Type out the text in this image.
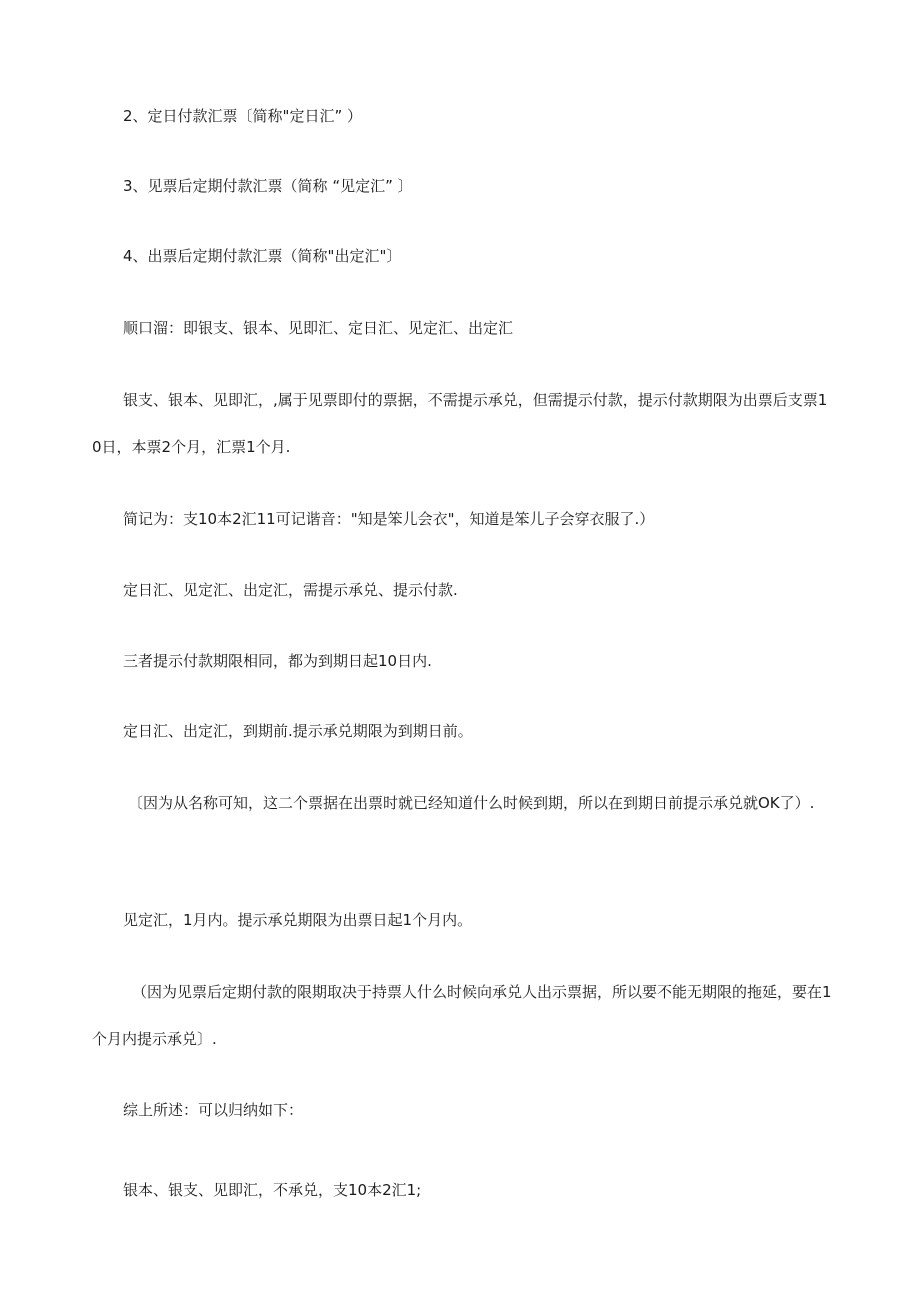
2、定日付款汇票〔简称"定日汇” ）

3、见票后定期付款汇票（简称 “见定汇” 〕

4、出票后定期付款汇票（简称"出定汇"〕

顺口溜：即银支、银本、见即汇、定日汇、见定汇、出定汇

银支、银本、见即汇，,属于见票即付的票据，不需提示承兑，但需提示付款，提示付款期限为出票后支票10日，本票2个月，汇票1个月.

简记为：支10本2汇11可记谐音："知是笨儿会衣"，知道是笨儿子会穿衣服了.）

定日汇、见定汇、出定汇，需提示承兑、提示付款.

三者提示付款期限相同，都为到期日起10日内.

定日汇、出定汇，到期前.提示承兑期限为到期日前。

〔因为从名称可知，这二个票据在出票时就已经知道什么时候到期，所以在到期日前提示承兑就OK了）.

见定汇，1月内。提示承兑期限为出票日起1个月内。

（因为见票后定期付款的限期取决于持票人什么时候向承兑人出示票据，所以要不能无期限的拖延，要在1个月内提示承兑〕.

综上所述：可以归纳如下：

银本、银支、见即汇，不承兑，支10本2汇1;
